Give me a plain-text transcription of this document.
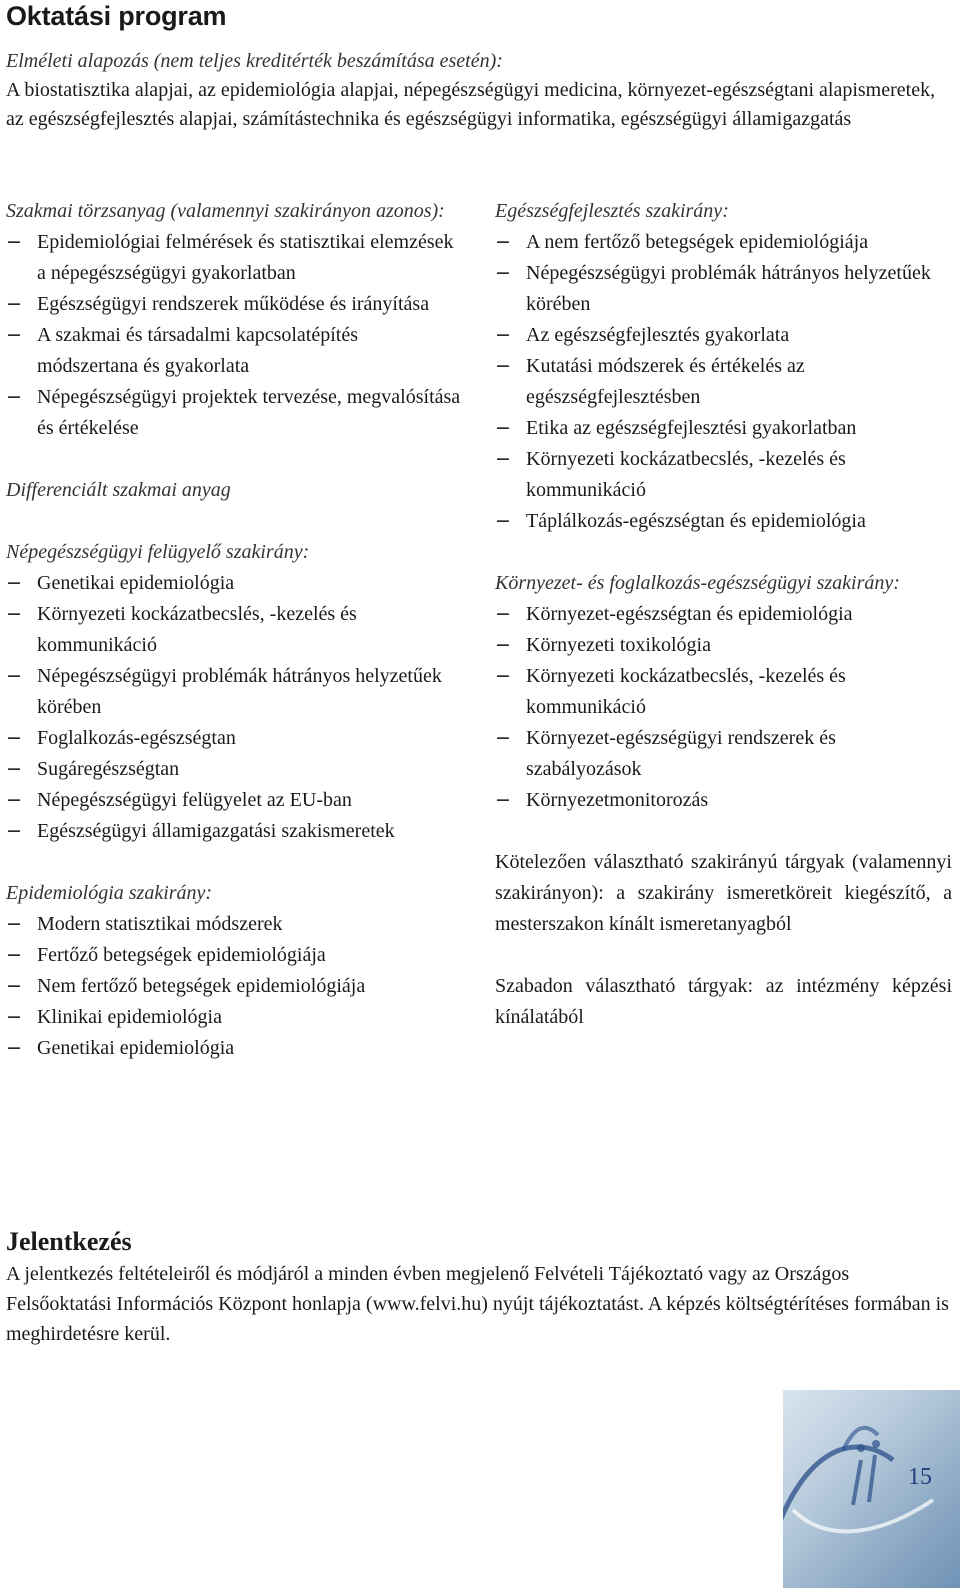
Oktatási program
Elméleti alapozás (nem teljes kreditérték beszámítása esetén):
A biostatisztika alapjai, az epidemiológia alapjai, népegészségügyi medicina, környezet-egészségtani alapismeretek, az egészségfejlesztés alapjai, számítástechnika és egészségügyi informatika, egészségügyi államigazgatás
Szakmai törzsanyag (valamennyi szakirányon azonos):
− Epidemiológiai felmérések és statisztikai elemzések a népegészségügyi gyakorlatban
− Egészségügyi rendszerek működése és irányítása
− A szakmai és társadalmi kapcsolatépítés módszertana és gyakorlata
− Népegészségügyi projektek tervezése, megvalósítása és értékelése
Differenciált szakmai anyag
Népegészségügyi felügyelő szakirány:
− Genetikai epidemiológia
− Környezeti kockázatbecslés, -kezelés és kommunikáció
− Népegészségügyi problémák hátrányos helyzetűek körében
− Foglalkozás-egészségtan
− Sugáregészségtan
− Népegészségügyi felügyelet az EU-ban
− Egészségügyi államigazgatási szakismeretek
Epidemiológia szakirány:
− Modern statisztikai módszerek
− Fertőző betegségek epidemiológiája
− Nem fertőző betegségek epidemiológiája
− Klinikai epidemiológia
− Genetikai epidemiológia
Egészségfejlesztés szakirány:
− A nem fertőző betegségek epidemiológiája
− Népegészségügyi problémák hátrányos helyzetűek körében
− Az egészségfejlesztés gyakorlata
− Kutatási módszerek és értékelés az egészségfejlesztésben
− Etika az egészségfejlesztési gyakorlatban
− Környezeti kockázatbecslés, -kezelés és kommunikáció
− Táplálkozás-egészségtan és epidemiológia
Környezet- és foglalkozás-egészségügyi szakirány:
− Környezet-egészségtan és epidemiológia
− Környezeti toxikológia
− Környezeti kockázatbecslés, -kezelés és kommunikáció
− Környezet-egészségügyi rendszerek és szabályozások
− Környezetmonitorozás
Kötelezően választható szakirányú tárgyak (valamennyi szakirányon): a szakirány ismeretköreit kiegészítő, a mesterszakon kínált ismeretanyagból
Szabadon választható tárgyak: az intézmény képzési kínálatából
Jelentkezés
A jelentkezés feltételeiről és módjáról a minden évben megjelenő Felvételi Tájékoztató vagy az Országos Felsőoktatási Információs Központ honlapja (www.felvi.hu) nyújt tájékoztatást. A képzés költségtérítéses formában is meghirdetésre kerül.
15
